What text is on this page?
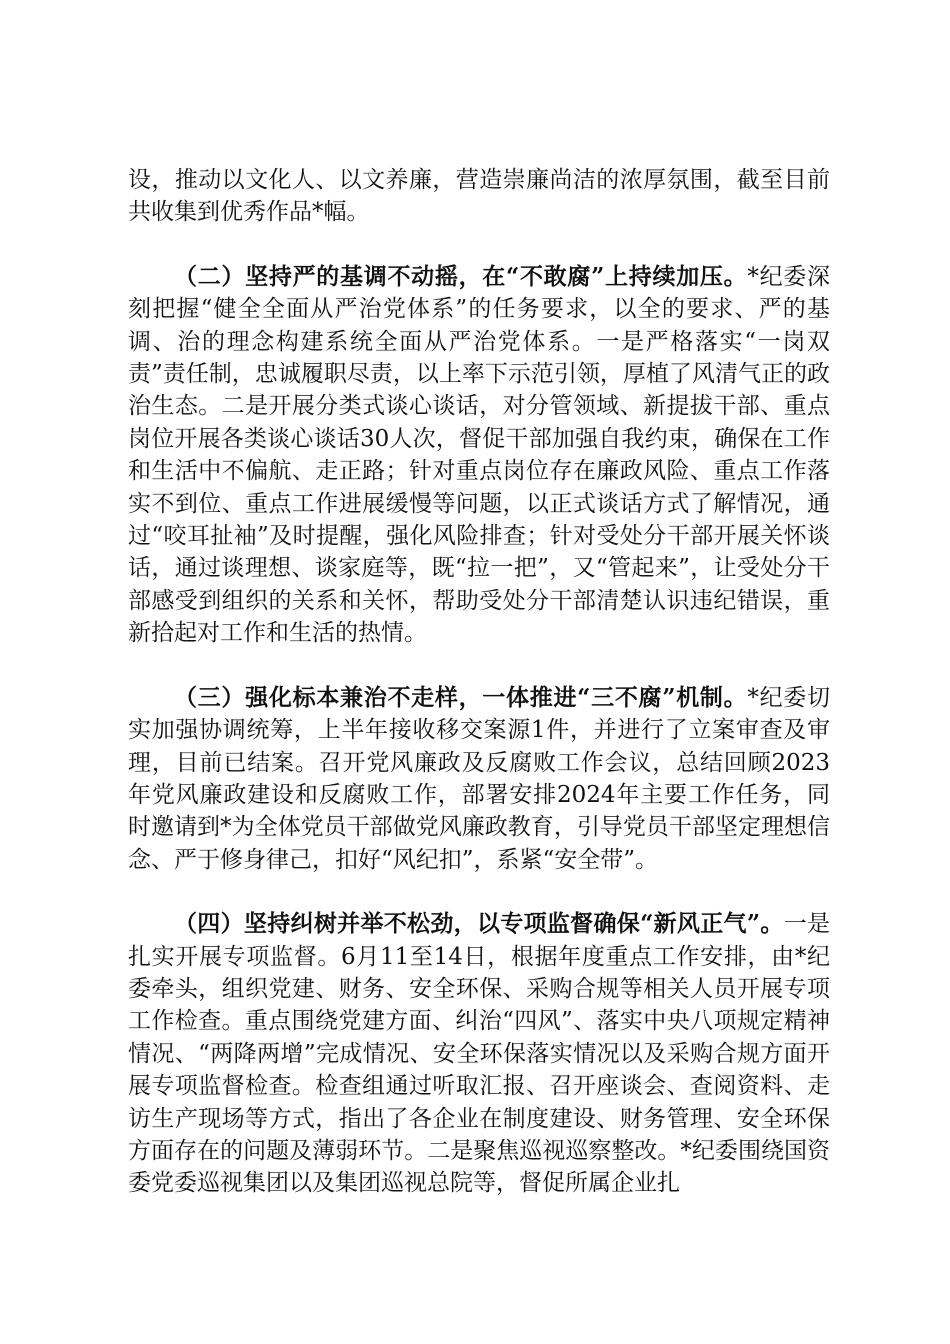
设，推动以文化人、以文养廉，营造崇廉尚洁的浓厚氛围，截至目前共收集到优秀作品*幅。

（二）坚持严的基调不动摇，在“不敢腐”上持续加压。*纪委深刻把握“健全全面从严治党体系”的任务要求，以全的要求、严的基调、治的理念构建系统全面从严治党体系。一是严格落实“一岗双责”责任制，忠诚履职尽责，以上率下示范引领，厚植了风清气正的政治生态。二是开展分类式谈心谈话，对分管领域、新提拔干部、重点岗位开展各类谈心谈话30人次，督促干部加强自我约束，确保在工作和生活中不偏航、走正路；针对重点岗位存在廉政风险、重点工作落实不到位、重点工作进展缓慢等问题，以正式谈话方式了解情况，通过“咬耳扯袖”及时提醒，强化风险排查；针对受处分干部开展关怀谈话，通过谈理想、谈家庭等，既“拉一把”，又“管起来”，让受处分干部感受到组织的关系和关怀，帮助受处分干部清楚认识违纪错误，重新拾起对工作和生活的热情。

（三）强化标本兼治不走样，一体推进“三不腐”机制。*纪委切实加强协调统筹，上半年接收移交案源1件，并进行了立案审查及审理，目前已结案。召开党风廉政及反腐败工作会议，总结回顾2023年党风廉政建设和反腐败工作，部署安排2024年主要工作任务，同时邀请到*为全体党员干部做党风廉政教育，引导党员干部坚定理想信念、严于修身律己，扣好“风纪扣”，系紧“安全带”。

（四）坚持纠树并举不松劲，以专项监督确保“新风正气”。一是扎实开展专项监督。6月11至14日，根据年度重点工作安排，由*纪委牵头，组织党建、财务、安全环保、采购合规等相关人员开展专项工作检查。重点围绕党建方面、纠治“四风”、落实中央八项规定精神情况、“两降两增”完成情况、安全环保落实情况以及采购合规方面开展专项监督检查。检查组通过听取汇报、召开座谈会、查阅资料、走访生产现场等方式，指出了各企业在制度建设、财务管理、安全环保方面存在的问题及薄弱环节。二是聚焦巡视巡察整改。*纪委围绕国资委党委巡视集团以及集团巡视总院等，督促所属企业扎
